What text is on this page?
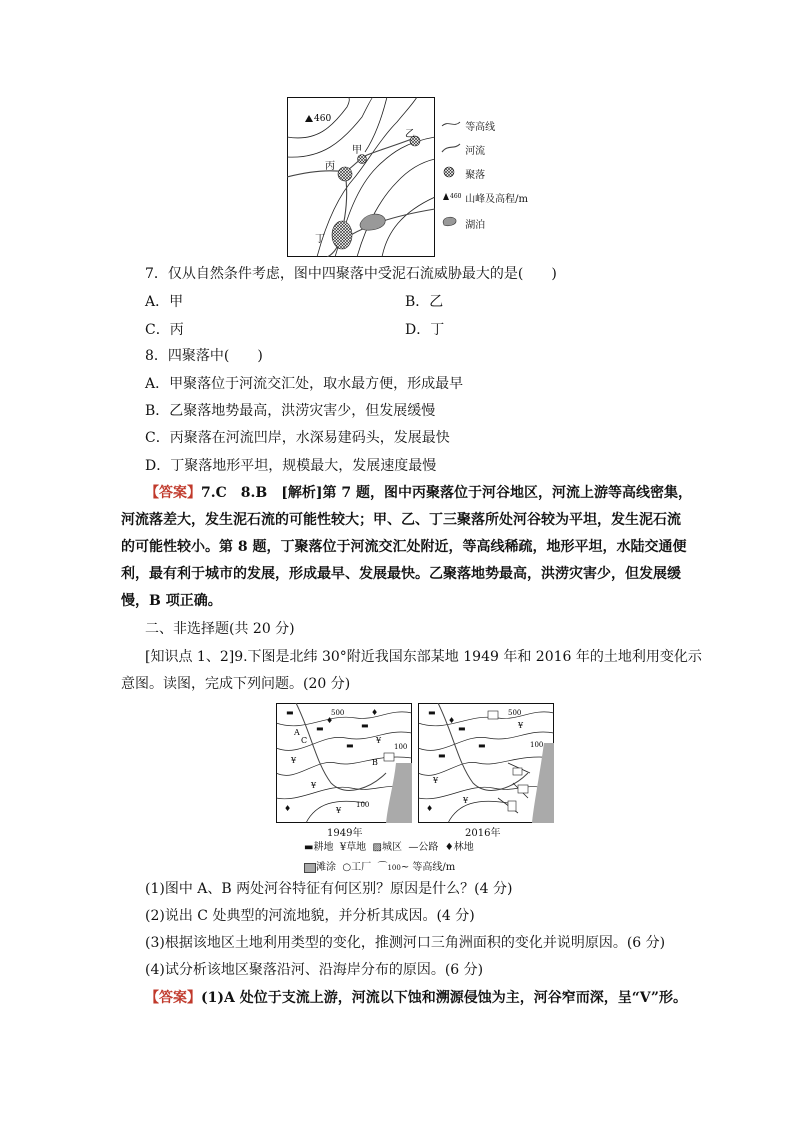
460
甲
乙
丙
丁
等高线
河流
聚落
460 山峰及高程/m
湖泊
7．仅从自然条件考虑，图中四聚落中受泥石流威胁最大的是(　　)
A．甲	B．乙
C．丙	D．丁
8．四聚落中(　　)
A．甲聚落位于河流交汇处，取水最方便，形成最早
B．乙聚落地势最高，洪涝灾害少，但发展缓慢
C．丙聚落在河流凹岸，水深易建码头，发展最快
D．丁聚落地形平坦，规模最大，发展速度最慢
【答案】7.C　8.B　[解析]第 7 题，图中丙聚落位于河谷地区，河流上游等高线密集，
河流落差大，发生泥石流的可能性较大；甲、乙、丁三聚落所处河谷较为平坦，发生泥石流
的可能性较小。第 8 题，丁聚落位于河流交汇处附近，等高线稀疏，地形平坦，水陆交通便
利，最有利于城市的发展，形成最早、发展最快。乙聚落地势最高，洪涝灾害少，但发展缓
慢，B 项正确。
二、非选择题(共 20 分)
[知识点 1、2]9.下图是北纬 30°附近我国东部某地 1949 年和 2016 年的土地利用变化示
意图。读图，完成下列问题。(20 分)
500
100
100
C
A
B
▬
▬
▬
▬
¥
¥
¥
¥
♦
♦
♦
1949年
500
100
▬
▬
▬
▬
¥
¥
¥
♦
♦
2016年
▬耕地  ¥草地  ▨城区  —公路  ♦林地
滩涂  ○工厂  ⌒100~ 等高线/m
(1)图中 A、B 两处河谷特征有何区别？原因是什么？(4 分)
(2)说出 C 处典型的河流地貌，并分析其成因。(4 分)
(3)根据该地区土地利用类型的变化，推测河口三角洲面积的变化并说明原因。(6 分)
(4)试分析该地区聚落沿河、沿海岸分布的原因。(6 分)
【答案】(1)A 处位于支流上游，河流以下蚀和溯源侵蚀为主，河谷窄而深，呈“V”形。
